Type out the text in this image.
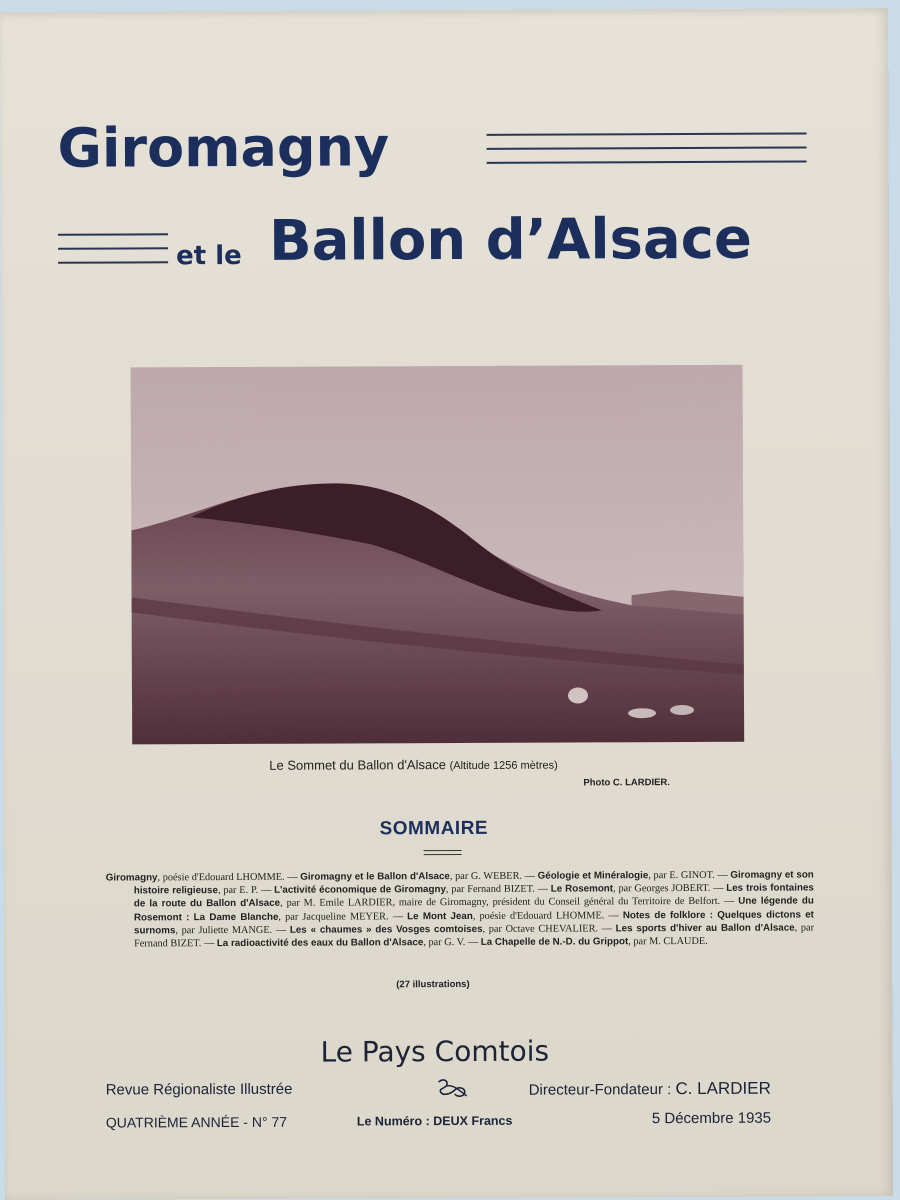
Giromagny
et le Ballon d’Alsace
Le Sommet du Ballon d'Alsace (Altitude 1256 mètres)
Photo C. LARDIER.
SOMMAIRE
Giromagny, poésie d'Edouard LHOMME. — Giromagny et le Ballon d'Alsace, par G. WEBER. — Géologie et Minéralogie, par E. GINOT. — Giromagny et son histoire religieuse, par E. P. — L'activité économique de Giromagny, par Fernand BIZET. — Le Rosemont, par Georges JOBERT. — Les trois fontaines de la route du Ballon d'Alsace, par M. Emile LARDIER, maire de Giromagny, président du Conseil général du Territoire de Belfort. — Une légende du Rosemont : La Dame Blanche, par Jacqueline MEYER. — Le Mont Jean, poésie d'Edouard LHOMME. — Notes de folklore : Quelques dictons et surnoms, par Juliette MANGE. — Les « chaumes » des Vosges comtoises, par Octave CHEVALIER. — Les sports d'hiver au Ballon d'Alsace, par Fernand BIZET. — La radioactivité des eaux du Ballon d'Alsace, par G. V. — La Chapelle de N.-D. du Grippot, par M. CLAUDE.
(27 illustrations)
Le Pays Comtois
Revue Régionaliste Illustrée	Directeur-Fondateur : C. LARDIER
QUATRIÈME ANNÉE - N° 77	Le Numéro : DEUX Francs	5 Décembre 1935
